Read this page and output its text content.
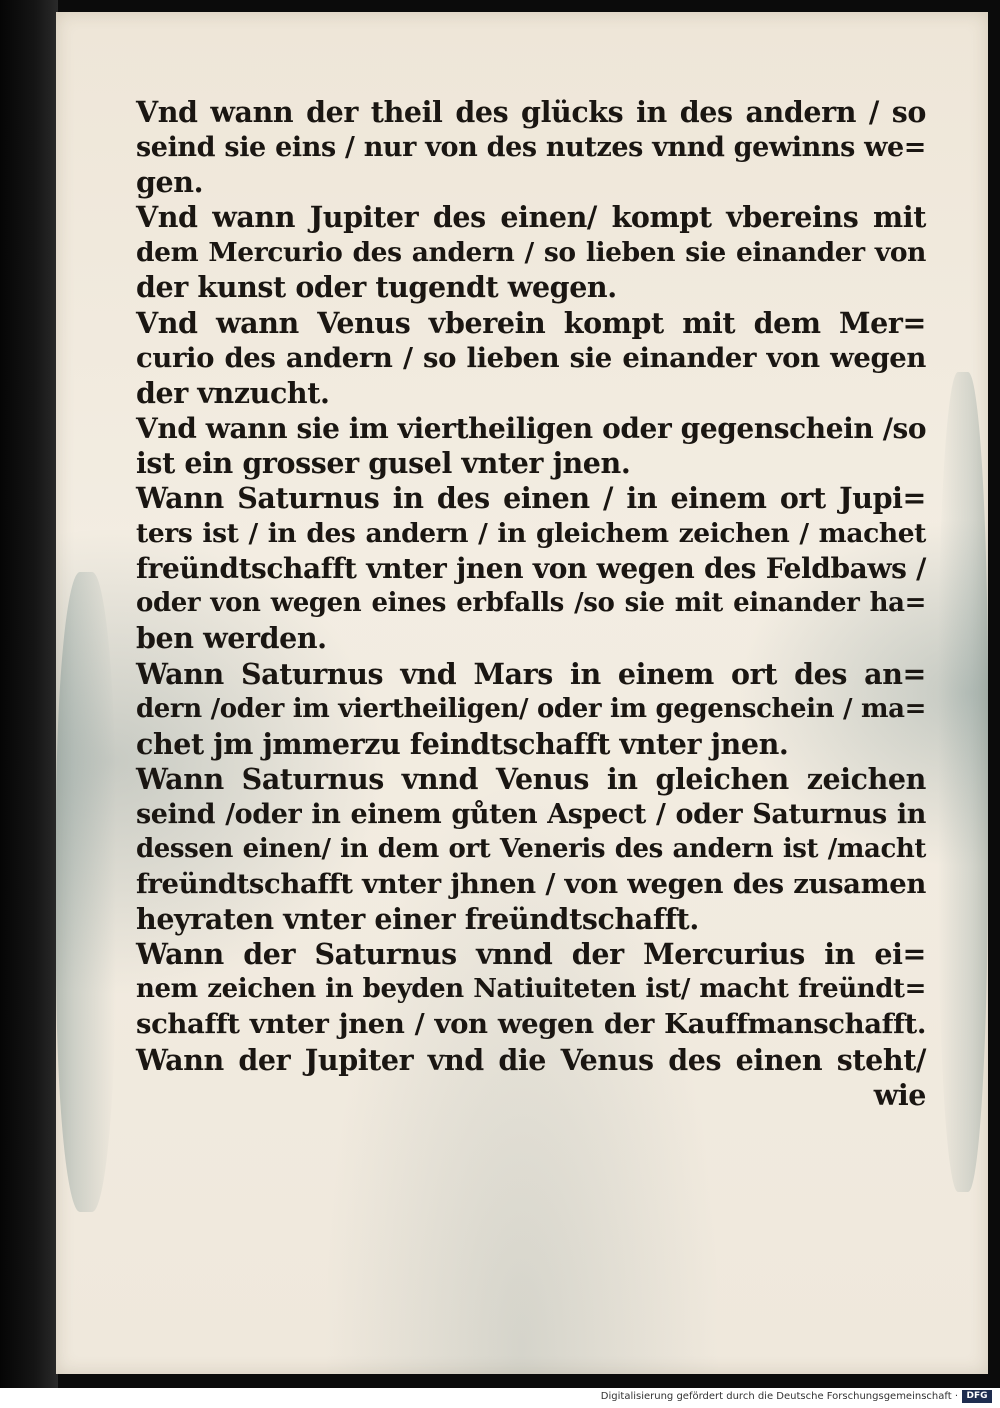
Vnd wann der theil des glücks in des andern / so
seind sie eins / nur von des nutzes vnnd gewinns we=
gen.
Vnd wann Jupiter des einen/ kompt vbereins mit
dem Mercurio des andern / so lieben sie einander von
der kunst oder tugendt wegen.
Vnd wann Venus vberein kompt mit dem Mer=
curio des andern / so lieben sie einander von wegen
der vnzucht.
Vnd wann sie im viertheiligen oder gegenschein /so
ist ein grosser gusel vnter jnen.
Wann Saturnus in des einen / in einem ort Jupi=
ters ist / in des andern / in gleichem zeichen / machet
freündtschafft vnter jnen von wegen des Feldbaws /
oder von wegen eines erbfalls /so sie mit einander ha=
ben werden.
Wann Saturnus vnd Mars in einem ort des an=
dern /oder im viertheiligen/ oder im gegenschein / ma=
chet jm jmmerzu feindtschafft vnter jnen.
Wann Saturnus vnnd Venus in gleichen zeichen
seind /oder in einem gůten Aspect / oder Saturnus in
dessen einen/ in dem ort Veneris des andern ist /macht
freündtschafft vnter jhnen / von wegen des zusamen
heyraten vnter einer freündtschafft.
Wann der Saturnus vnnd der Mercurius in ei=
nem zeichen in beyden Natiuiteten ist/ macht freündt=
schafft vnter jnen / von wegen der Kauffmanschafft.
Wann der Jupiter vnd die Venus des einen steht/
wie
Digitalisierung gefördert durch die Deutsche Forschungsgemeinschaft · DFG
